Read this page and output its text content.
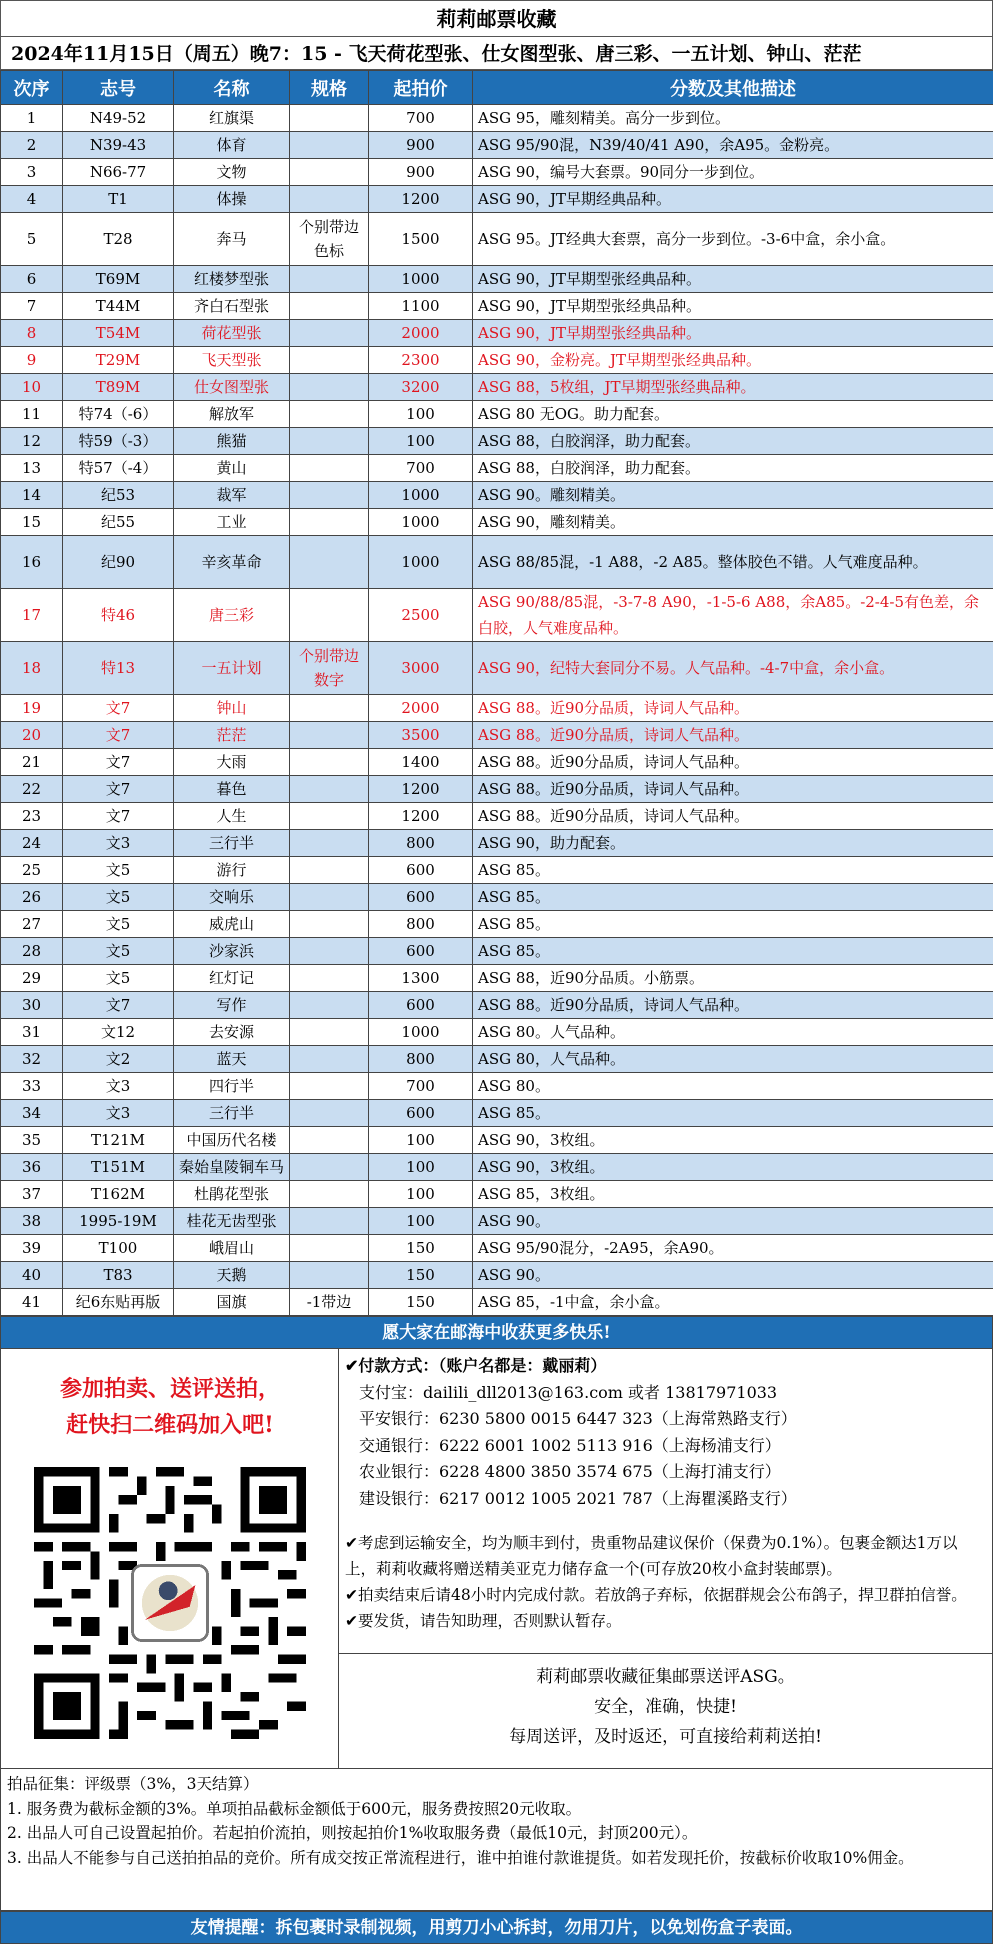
莉莉邮票收藏
2024年11月15日（周五）晚7：15 - 飞天荷花型张、仕女图型张、唐三彩、一五计划、钟山、茫茫
次序	志号	名称	规格	起拍价	分数及其他描述
1	N49-52	红旗渠		700	ASG 95，雕刻精美。高分一步到位。
2	N39-43	体育		900	ASG 95/90混，N39/40/41 A90，余A95。金粉亮。
3	N66-77	文物		900	ASG 90，编号大套票。90同分一步到位。
4	T1	体操		1200	ASG 90，JT早期经典品种。
5	T28	奔马	个别带边色标	1500	ASG 95。JT经典大套票，高分一步到位。-3-6中盒，余小盒。
6	T69M	红楼梦型张		1000	ASG 90，JT早期型张经典品种。
7	T44M	齐白石型张		1100	ASG 90，JT早期型张经典品种。
8	T54M	荷花型张		2000	ASG 90，JT早期型张经典品种。
9	T29M	飞天型张		2300	ASG 90，金粉亮。JT早期型张经典品种。
10	T89M	仕女图型张		3200	ASG 88，5枚组，JT早期型张经典品种。
11	特74（-6）	解放军		100	ASG 80 无OG。助力配套。
12	特59（-3）	熊猫		100	ASG 88，白胶润泽，助力配套。
13	特57（-4）	黄山		700	ASG 88，白胶润泽，助力配套。
14	纪53	裁军		1000	ASG 90。雕刻精美。
15	纪55	工业		1000	ASG 90，雕刻精美。
16	纪90	辛亥革命		1000	ASG 88/85混，-1 A88，-2 A85。整体胶色不错。人气难度品种。
17	特46	唐三彩		2500	ASG 90/88/85混，-3-7-8 A90，-1-5-6 A88，余A85。-2-4-5有色差，余白胶，人气难度品种。
18	特13	一五计划	个别带边数字	3000	ASG 90，纪特大套同分不易。人气品种。-4-7中盒，余小盒。
19	文7	钟山		2000	ASG 88。近90分品质，诗词人气品种。
20	文7	茫茫		3500	ASG 88。近90分品质，诗词人气品种。
21	文7	大雨		1400	ASG 88。近90分品质，诗词人气品种。
22	文7	暮色		1200	ASG 88。近90分品质，诗词人气品种。
23	文7	人生		1200	ASG 88。近90分品质，诗词人气品种。
24	文3	三行半		800	ASG 90，助力配套。
25	文5	游行		600	ASG 85。
26	文5	交响乐		600	ASG 85。
27	文5	威虎山		800	ASG 85。
28	文5	沙家浜		600	ASG 85。
29	文5	红灯记		1300	ASG 88，近90分品质。小筋票。
30	文7	写作		600	ASG 88。近90分品质，诗词人气品种。
31	文12	去安源		1000	ASG 80。人气品种。
32	文2	蓝天		800	ASG 80，人气品种。
33	文3	四行半		700	ASG 80。
34	文3	三行半		600	ASG 85。
35	T121M	中国历代名楼		100	ASG 90，3枚组。
36	T151M	秦始皇陵铜车马		100	ASG 90，3枚组。
37	T162M	杜鹃花型张		100	ASG 85，3枚组。
38	1995-19M	桂花无齿型张		100	ASG 90。
39	T100	峨眉山		150	ASG 95/90混分，-2A95，余A90。
40	T83	天鹅		150	ASG 90。
41	纪6东贴再版	国旗	-1带边	150	ASG 85，-1中盒，余小盒。
愿大家在邮海中收获更多快乐!
参加拍卖、送评送拍，
赶快扫二维码加入吧!
✔付款方式：（账户名都是：戴丽莉）
支付宝：dailili_dll2013@163.com 或者 13817971033
平安银行：6230 5800 0015 6447 323（上海常熟路支行）
交通银行：6222 6001 1002 5113 916（上海杨浦支行）
农业银行：6228 4800 3850 3574 675（上海打浦支行）
建设银行：6217 0012 1005 2021 787（上海瞿溪路支行）

✔考虑到运输安全，均为顺丰到付，贵重物品建议保价（保费为0.1%）。包裹金额达1万以上，莉莉收藏将赠送精美亚克力储存盒一个(可存放20枚小盒封装邮票)。

✔拍卖结束后请48小时内完成付款。若放鸽子弃标，依据群规会公布鸽子，捍卫群拍信誉。

✔要发货，请告知助理，否则默认暂存。

莉莉邮票收藏征集邮票送评ASG。
安全，准确，快捷!
每周送评，及时返还，可直接给莉莉送拍!

拍品征集：评级票（3%，3天结算）

1. 服务费为截标金额的3%。单项拍品截标金额低于600元，服务费按照20元收取。

2. 出品人可自己设置起拍价。若起拍价流拍，则按起拍价1%收取服务费（最低10元，封顶200元）。

3. 出品人不能参与自己送拍拍品的竞价。所有成交按正常流程进行，谁中拍谁付款谁提货。如若发现托价，按截标价收取10%佣金。

友情提醒：拆包裹时录制视频，用剪刀小心拆封，勿用刀片，以免划伤盒子表面。
